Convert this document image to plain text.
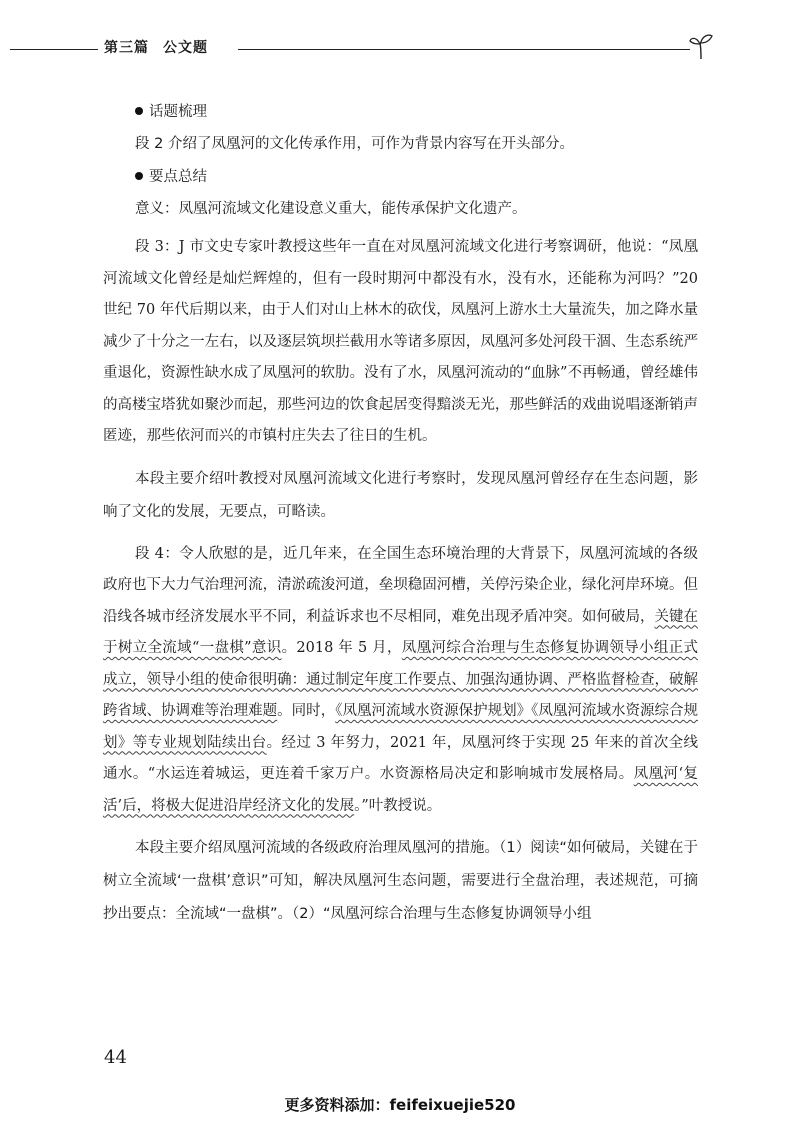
第三篇 公文题
话题梳理

段 2 介绍了凤凰河的文化传承作用，可作为背景内容写在开头部分。

要点总结

意义：凤凰河流域文化建设意义重大，能传承保护文化遗产。

段 3：J 市文史专家叶教授这些年一直在对凤凰河流域文化进行考察调研，他说：“凤凰河流域文化曾经是灿烂辉煌的，但有一段时期河中都没有水，没有水，还能称为河吗？”20 世纪 70 年代后期以来，由于人们对山上林木的砍伐，凤凰河上游水土大量流失，加之降水量减少了十分之一左右，以及逐层筑坝拦截用水等诸多原因，凤凰河多处河段干涸、生态系统严重退化，资源性缺水成了凤凰河的软肋。没有了水，凤凰河流动的“血脉”不再畅通，曾经雄伟的高楼宝塔犹如聚沙而起，那些河边的饮食起居变得黯淡无光，那些鲜活的戏曲说唱逐渐销声匿迹，那些依河而兴的市镇村庄失去了往日的生机。

本段主要介绍叶教授对凤凰河流域文化进行考察时，发现凤凰河曾经存在生态问题，影响了文化的发展，无要点，可略读。

段 4：令人欣慰的是，近几年来，在全国生态环境治理的大背景下，凤凰河流域的各级政府也下大力气治理河流，清淤疏浚河道，垒坝稳固河槽，关停污染企业，绿化河岸环境。但沿线各城市经济发展水平不同，利益诉求也不尽相同，难免出现矛盾冲突。如何破局，关键在于树立全流域“一盘棋”意识。2018 年 5 月，凤凰河综合治理与生态修复协调领导小组正式成立，领导小组的使命很明确：通过制定年度工作要点、加强沟通协调、严格监督检查，破解跨省域、协调难等治理难题。同时，《凤凰河流域水资源保护规划》《凤凰河流域水资源综合规划》等专业规划陆续出台。经过 3 年努力，2021 年，凤凰河终于实现 25 年来的首次全线通水。“水运连着城运，更连着千家万户。水资源格局决定和影响城市发展格局。凤凰河‘复活’后，将极大促进沿岸经济文化的发展。”叶教授说。

本段主要介绍凤凰河流域的各级政府治理凤凰河的措施。（1）阅读“如何破局，关键在于树立全流域‘一盘棋’意识”可知，解决凤凰河生态问题，需要进行全盘治理，表述规范，可摘抄出要点：全流域“一盘棋”。（2）“凤凰河综合治理与生态修复协调领导小组

44
更多资料添加：feifeixuejie520
